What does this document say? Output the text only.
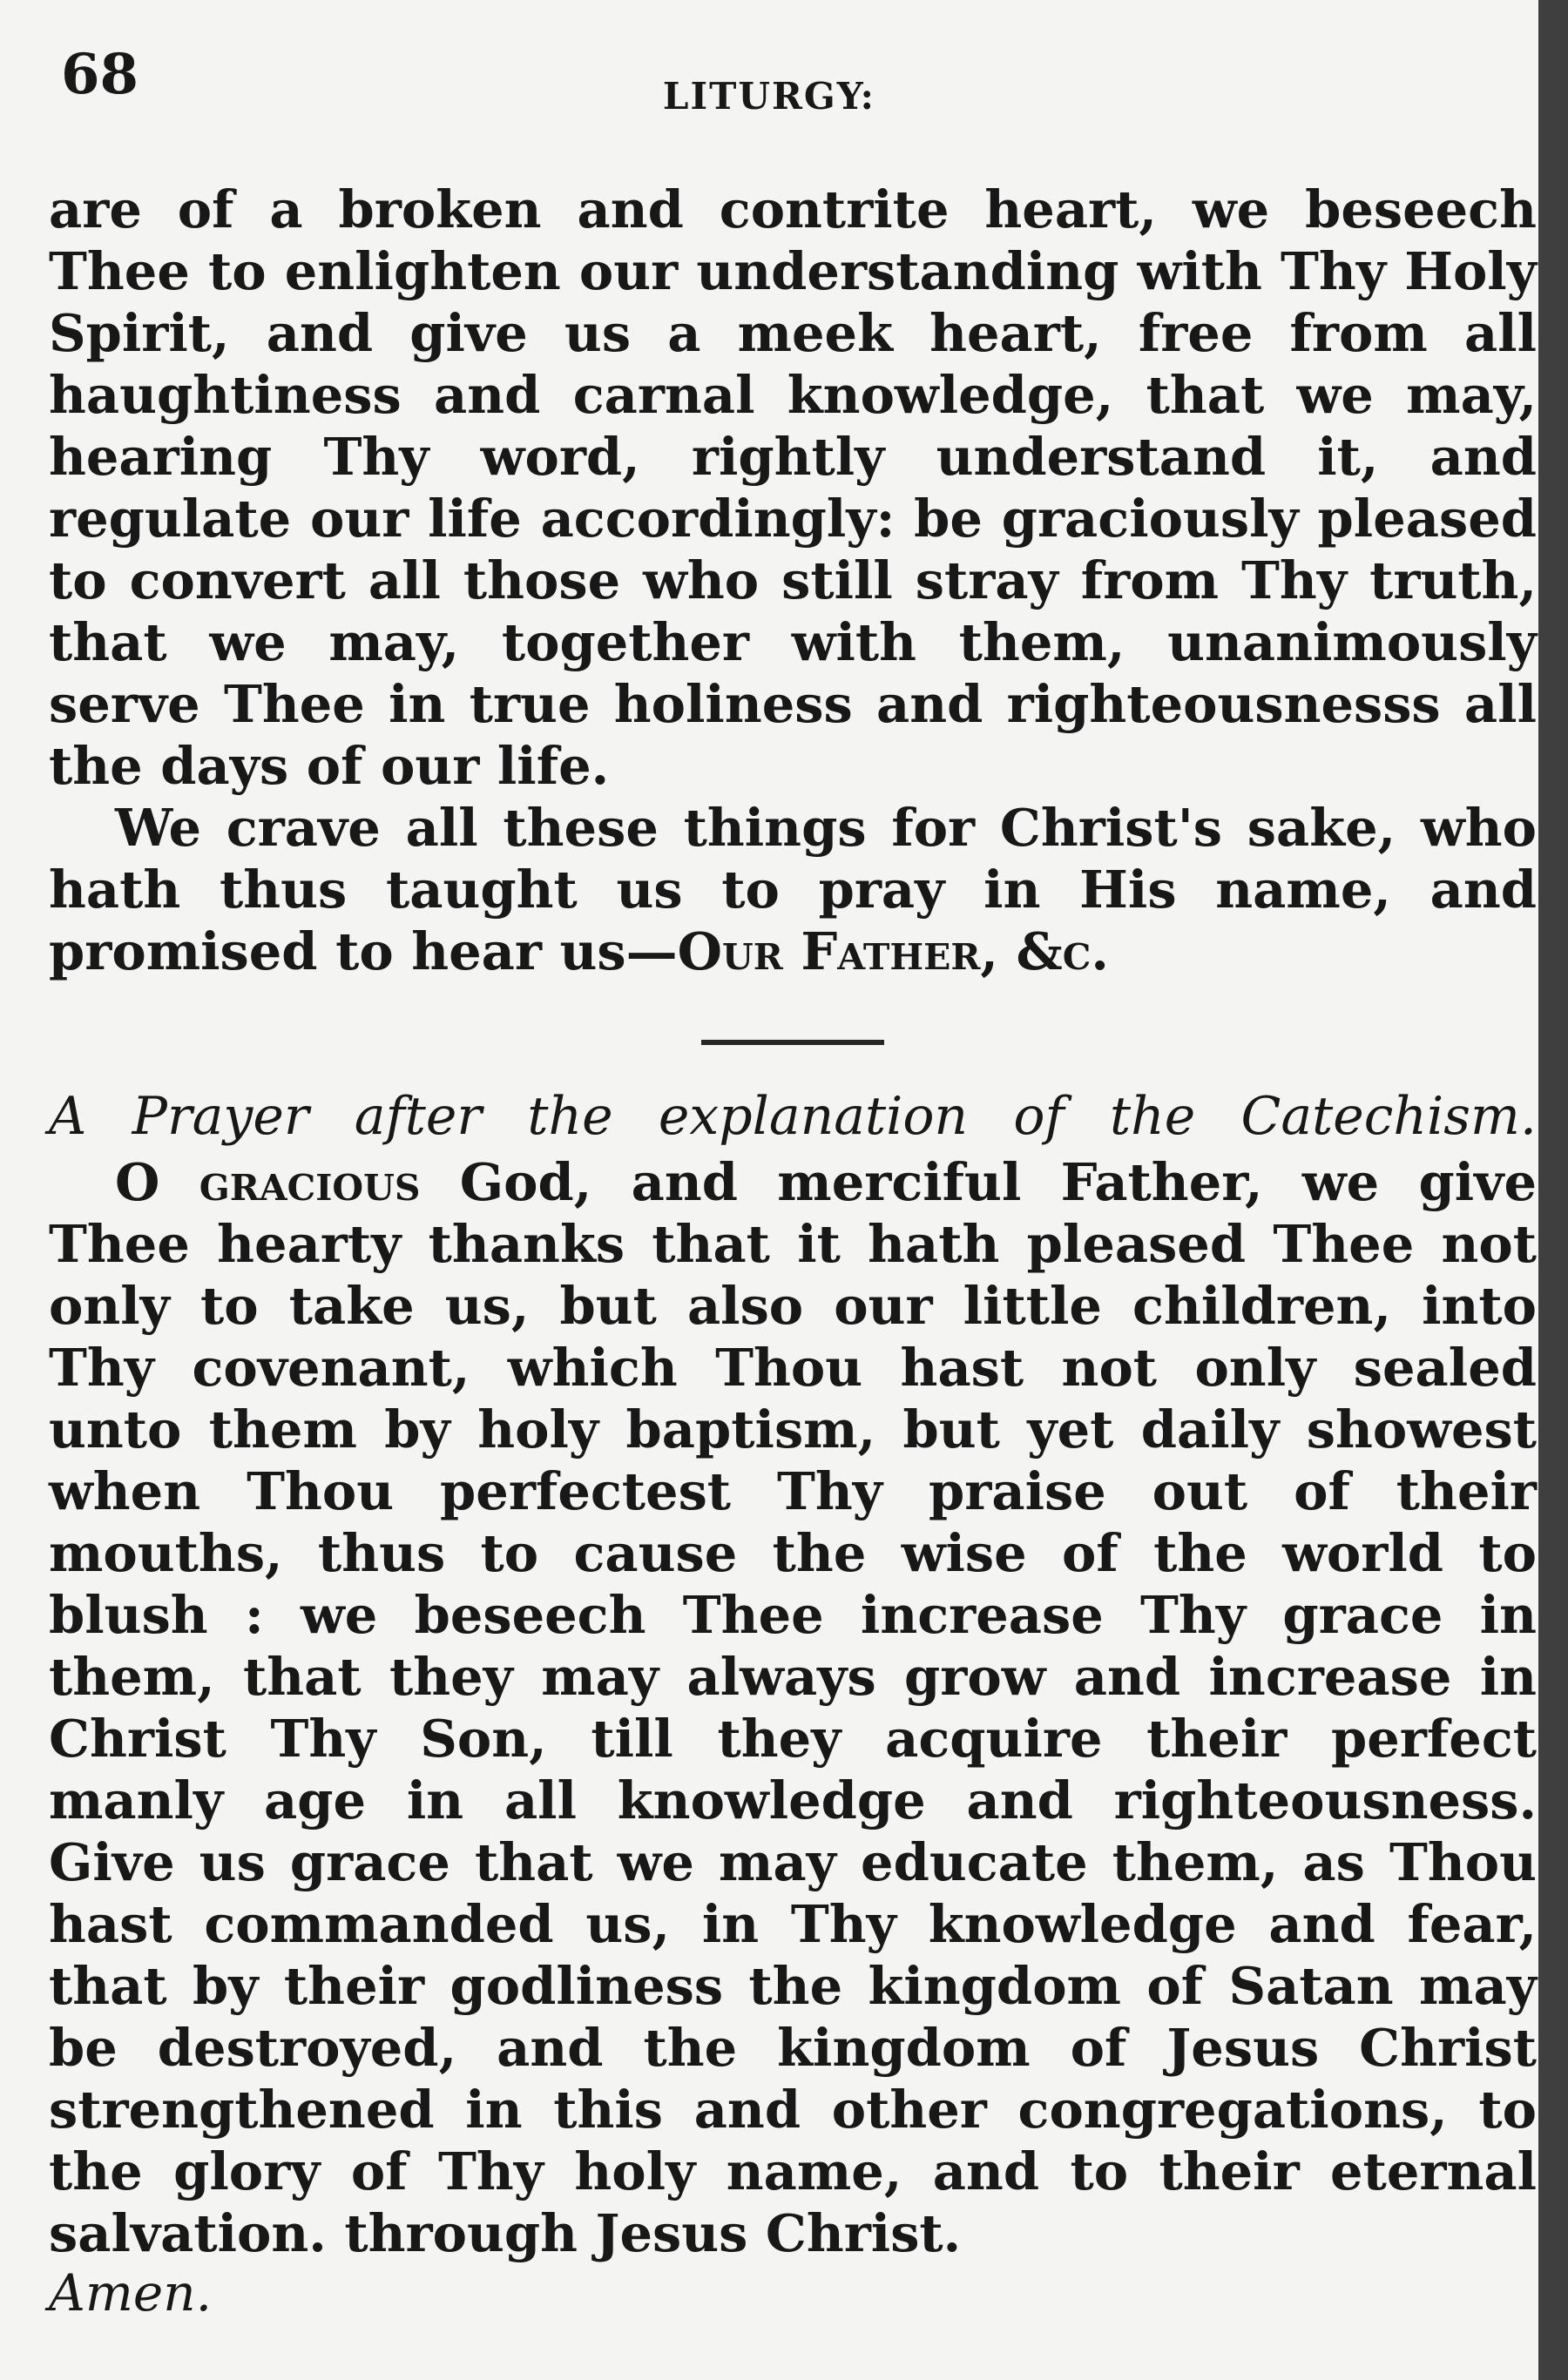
68	LITURGY:

are of a broken and contrite heart, we beseech Thee to enlighten our understanding with Thy Holy Spirit, and give us a meek heart, free from all haughtiness and carnal knowledge, that we may, hearing Thy word, rightly understand it, and regulate our life accordingly: be graciously pleased to convert all those who still stray from Thy truth, that we may, together with them, unanimously serve Thee in true holiness and righteousnesss all the days of our life.

We crave all these things for Christ's sake, who hath thus taught us to pray in His name, and promised to hear us—Our Father, &c.

A Prayer after the explanation of the Catechism.

O gracious God, and merciful Father, we give Thee hearty thanks that it hath pleased Thee not only to take us, but also our little children, into Thy covenant, which Thou hast not only sealed unto them by holy baptism, but yet daily showest when Thou perfectest Thy praise out of their mouths, thus to cause the wise of the world to blush : we beseech Thee increase Thy grace in them, that they may always grow and increase in Christ Thy Son, till they acquire their perfect manly age in all knowledge and righteousness. Give us grace that we may educate them, as Thou hast commanded us, in Thy knowledge and fear, that by their godliness the kingdom of Satan may be destroyed, and the kingdom of Jesus Christ strengthened in this and other congregations, to the glory of Thy holy name, and to their eternal salvation. through Jesus Christ.

Amen.
